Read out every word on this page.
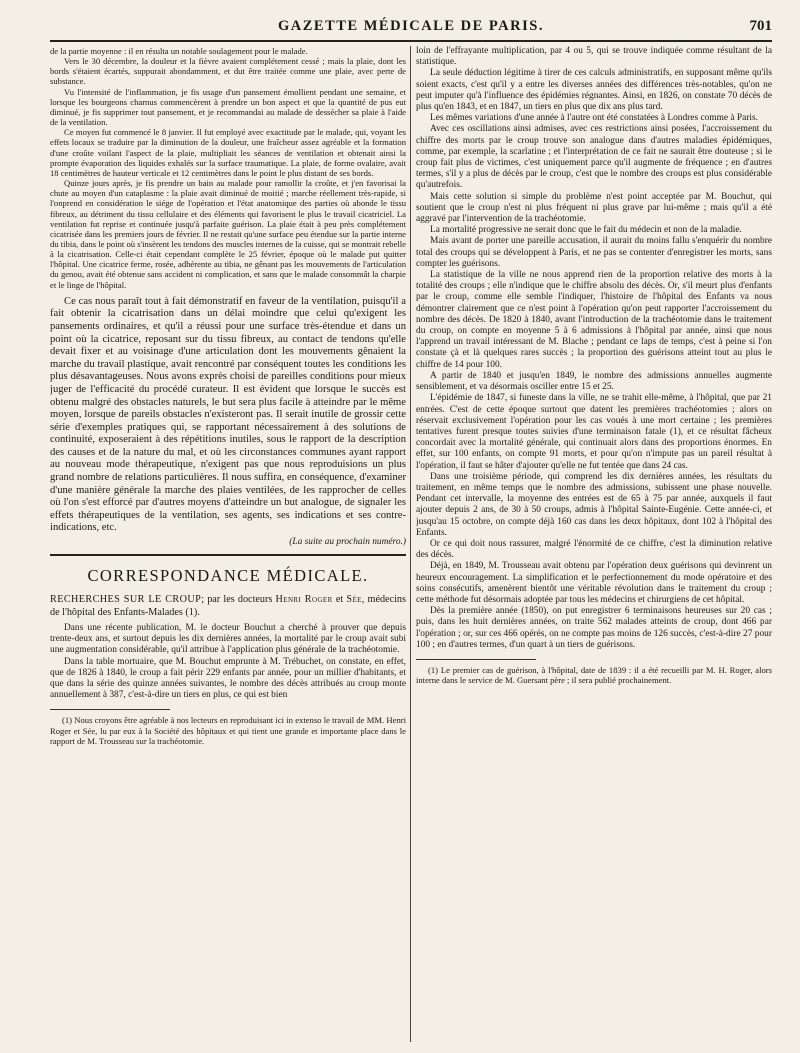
GAZETTE MÉDICALE DE PARIS.	701

de la partie moyenne : il en résulta un notable soulagement pour le malade.

Vers le 30 décembre, la douleur et la fièvre avaient complétement cessé ; mais la plaie, dont les bords s'étaient écartés, suppurait abondamment, et dut être traitée comme une plaie, avec perte de substance.

Vu l'intensité de l'inflammation, je fis usage d'un pansement émollient pendant une semaine, et lorsque les bourgeons charnus commencèrent à prendre un bon aspect et que la quantité de pus eut diminué, je fis supprimer tout pansement, et je recommandai au malade de dessécher sa plaie à l'aide de la ventilation.

Ce moyen fut commencé le 8 janvier. Il fut employé avec exactitude par le malade, qui, voyant les effets locaux se traduire par la diminution de la douleur, une fraîcheur assez agréable et la formation d'une croûte voilant l'aspect de la plaie, multipliait les séances de ventilation et obtenait ainsi la prompte évaporation des liquides exhalés sur la surface traumatique. La plaie, de forme ovalaire, avait 18 centimètres de hauteur verticale et 12 centimètres dans le point le plus distant de ses bords.

Quinze jours après, je fis prendre un bain au malade pour ramollir la croûte, et j'en favorisai la chute au moyen d'un cataplasme : la plaie avait diminué de moitié ; marche réellement très-rapide, si l'onprend en considération le siége de l'opération et l'état anatomique des parties où abonde le tissu fibreux, au détriment du tissu cellulaire et des éléments qui favorisent le plus le travail cicatriciel. La ventilation fut reprise et continuée jusqu'à parfaite guérison. La plaie était à peu près complétement cicatrisée dans les premiers jours de février. Il ne restait qu'une surface peu étendue sur la partie interne du tibia, dans le point où s'insèrent les tendons des muscles internes de la cuisse, qui se montrait rebelle à la cicatrisation. Celle-ci était cependant complète le 25 février, époque où le malade put quitter l'hôpital. Une cicatrice ferme, rosée, adhérente au tibia, ne gênant pas les mouvements de l'articulation du genou, avait été obtenue sans accident ni complication, et sans que le malade consommât la charpie et le linge de l'hôpital.

Ce cas nous paraît tout à fait démonstratif en faveur de la ventilation, puisqu'il a fait obtenir la cicatrisation dans un délai moindre que celui qu'exigent les pansements ordinaires, et qu'il a réussi pour une surface très-étendue et dans un point où la cicatrice, reposant sur du tissu fibreux, au contact de tendons qu'elle devait fixer et au voisinage d'une articulation dont les mouvements gênaient la marche du travail plastique, avait rencontré par conséquent toutes les conditions les plus désavantageuses. Nous avons exprès choisi de pareilles conditions pour mieux juger de l'efficacité du procédé curateur. Il est évident que lorsque le succès est obtenu malgré des obstacles naturels, le but sera plus facile à atteindre par le même moyen, lorsque de pareils obstacles n'existeront pas. Il serait inutile de grossir cette série d'exemples pratiques qui, se rapportant nécessairement à des solutions de continuité, exposeraient à des répétitions inutiles, sous le rapport de la description des causes et de la nature du mal, et où les circonstances communes ayant rapport au nouveau mode thérapeutique, n'exigent pas que nous reproduisions un plus grand nombre de relations particulières. Il nous suffira, en conséquence, d'examiner d'une manière générale la marche des plaies ventilées, de les rapprocher de celles où l'on s'est efforcé par d'autres moyens d'atteindre un but analogue, de signaler les effets thérapeutiques de la ventilation, ses agents, ses indications et ses contre-indications, etc.

(La suite au prochain numéro.)

CORRESPONDANCE MÉDICALE.
RECHERCHES SUR LE CROUP; par les docteurs Henri Roger et Sée, médecins de l'hôpital des Enfants-Malades (1).

Dans une récente publication, M. le docteur Bouchut a cherché à prouver que depuis trente-deux ans, et surtout depuis les dix dernières années, la mortalité par le croup avait subi une augmentation considérable, qu'il attribue à l'application plus générale de la trachéotomie.

Dans la table mortuaire, que M. Bouchut emprunte à M. Trébuchet, on constate, en effet, que de 1826 à 1840, le croup a fait périr 229 enfants par année, pour un millier d'habitants, et que dans la série des quinze années suivantes, le nombre des décès attribués au croup monte annuellement à 387, c'est-à-dire un tiers en plus, ce qui est bien

(1) Nous croyons être agréable à nos lecteurs en reproduisant ici in extenso le travail de MM. Henri Roger et Sée, lu par eux à la Société des hôpitaux et qui tient une grande et importante place dans le rapport de M. Trousseau sur la trachéotomie.

loin de l'effrayante multiplication, par 4 ou 5, qui se trouve indiquée comme résultant de la statistique.

La seule déduction légitime à tirer de ces calculs administratifs, en supposant même qu'ils soient exacts, c'est qu'il y a entre les diverses années des différences très-notables, qu'on ne peut imputer qu'à l'influence des épidémies régnantes. Ainsi, en 1826, on constate 70 décès de plus qu'en 1843, et en 1847, un tiers en plus que dix ans plus tard.

Les mêmes variations d'une année à l'autre ont été constatées à Londres comme à Paris.

Avec ces oscillations ainsi admises, avec ces restrictions ainsi posées, l'accroissement du chiffre des morts par le croup trouve son analogue dans d'autres maladies épidémiques, comme, par exemple, la scarlatine ; et l'interprétation de ce fait ne saurait être douteuse ; si le croup fait plus de victimes, c'est uniquement parce qu'il augmente de fréquence ; en d'autres termes, s'il y a plus de décès par le croup, c'est que le nombre des croups est plus considérable qu'autrefois.

Mais cette solution si simple du problème n'est point acceptée par M. Bouchut, qui soutient que le croup n'est ni plus fréquent ni plus grave par lui-même ; mais qu'il a été aggravé par l'intervention de la trachéotomie.

La mortalité progressive ne serait donc que le fait du médecin et non de la maladie.

Mais avant de porter une pareille accusation, il aurait du moins fallu s'enquérir du nombre total des croups qui se développent à Paris, et ne pas se contenter d'enregistrer les morts, sans compter les guérisons.

La statistique de la ville ne nous apprend rien de la proportion relative des morts à la totalité des croups ; elle n'indique que le chiffre absolu des décès. Or, s'il meurt plus d'enfants par le croup, comme elle semble l'indiquer, l'histoire de l'hôpital des Enfants va nous démontrer clairement que ce n'est point à l'opération qu'on peut rapporter l'accroissement du nombre des décès. De 1820 à 1840, avant l'introduction de la trachéotomie dans le traitement du croup, on compte en moyenne 5 à 6 admissions à l'hôpital par année, ainsi que nous l'apprend un travail intéressant de M. Blache ; pendant ce laps de temps, c'est à peine si l'on constate çà et là quelques rares succès ; la proportion des guérisons atteint tout au plus le chiffre de 14 pour 100.

A partir de 1840 et jusqu'en 1849, le nombre des admissions annuelles augmente sensiblement, et va désormais osciller entre 15 et 25.

L'épidémie de 1847, si funeste dans la ville, ne se trahit elle-même, à l'hôpital, que par 21 entrées. C'est de cette époque surtout que datent les premières trachéotomies ; alors on réservait exclusivement l'opération pour les cas voués à une mort certaine ; les premières tentatives furent presque toutes suivies d'une terminaison fatale (1), et ce résultat fâcheux concordait avec la mortalité générale, qui continuait alors dans des proportions énormes. En effet, sur 100 enfants, on compte 91 morts, et pour qu'on n'impute pas un pareil résultat à l'opération, il faut se hâter d'ajouter qu'elle ne fut tentée que dans 24 cas.

Dans une troisième période, qui comprend les dix dernières années, les résultats du traitement, en même temps que le nombre des admissions, subissent une phase nouvelle. Pendant cet intervalle, la moyenne des entrées est de 65 à 75 par année, auxquels il faut ajouter depuis 2 ans, de 30 à 50 croups, admis à l'hôpital Sainte-Eugénie. Cette année-ci, et jusqu'au 15 octobre, on compte déjà 160 cas dans les deux hôpitaux, dont 102 à l'hôpital des Enfants.

Or ce qui doit nous rassurer, malgré l'énormité de ce chiffre, c'est la diminution relative des décès.

Déjà, en 1849, M. Trousseau avait obtenu par l'opération deux guérisons qui devinrent un heureux encouragement. La simplification et le perfectionnement du mode opératoire et des soins consécutifs, amenèrent bientôt une véritable révolution dans le traitement du croup ; cette méthode fut désormais adoptée par tous les médecins et chirurgiens de cet hôpital.

Dès la première année (1850), on put enregistrer 6 terminaisons heureuses sur 20 cas ; puis, dans les huit dernières années, on traite 562 malades atteints de croup, dont 466 par l'opération ; or, sur ces 466 opérés, on ne compte pas moins de 126 succès, c'est-à-dire 27 pour 100 ; en d'autres termes, d'un quart à un tiers de guérisons.

(1) Le premier cas de guérison, à l'hôpital, date de 1839 : il a été recueilli par M. H. Roger, alors interne dans le service de M. Guersant père ; il sera publié prochainement.
